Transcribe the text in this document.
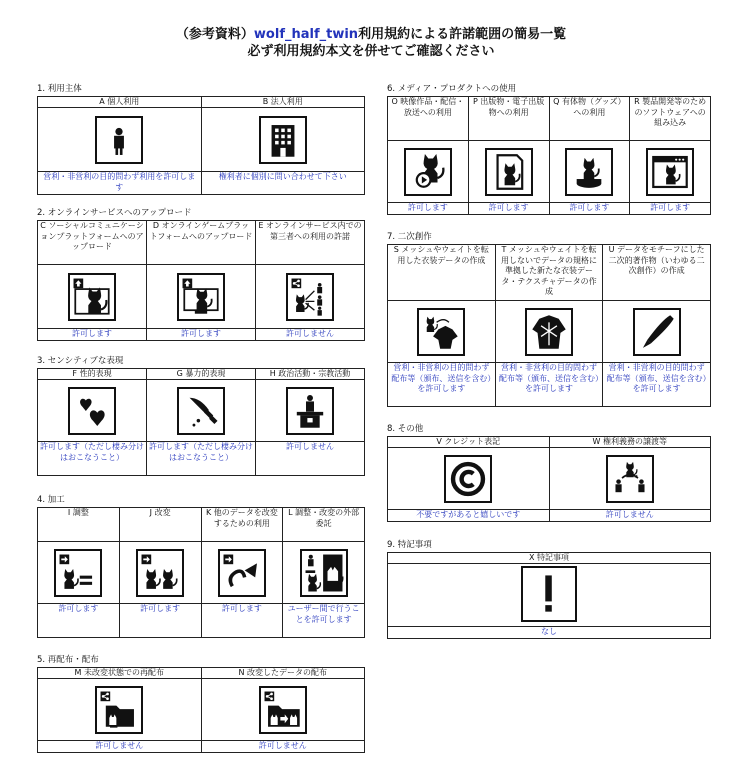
（参考資料）wolf_half_twin利用規約による許諾範囲の簡易一覧
必ず利用規約本文を併せてご確認ください
1. 利用主体
A 個人利用	B 法人利用

営利・非営利の目的問わず利用を許可します	権利者に個別に問い合わせて下さい
2. オンラインサービスへのアップロード
C ソーシャルコミュニケーションプラットフォームへのアップロード	D オンラインゲームプラットフォームへのアップロード	E オンラインサービス内での第三者への利用の許諾

許可します	許可します	許可しません
3. センシティブな表現
F 性的表現	G 暴力的表現	H 政治活動・宗教活動

許可します（ただし棲み分けはおこなうこと）	許可します（ただし棲み分けはおこなうこと）	許可しません
4. 加工
I 調整	J 改変	K 他のデータを改変するための利用	L 調整・改変の外部委託

許可します	許可します	許可します	ユーザー間で行うことを許可します
5. 再配布・配布
M 未改変状態での再配布	N 改変したデータの配布

許可しません	許可しません
6. メディア・プロダクトへの使用
O 映像作品・配信・放送への利用	P 出版物・電子出版物への利用	Q 有体物（グッズ）への利用	R 製品開発等のためのソフトウェアへの組み込み

許可します	許可します	許可します	許可します
7. 二次創作
S メッシュやウェイトを転用した衣装データの作成	T メッシュやウェイトを転用しないでデータの規格に準拠した新たな衣装データ・テクスチャデータの作成	U データをモチーフにした二次的著作物（いわゆる二次創作）の作成

営利・非営利の目的問わず配布等（頒布、送信を含む）を許可します	営利・非営利の目的問わず配布等（頒布、送信を含む）を許可します	営利・非営利の目的問わず配布等（頒布、送信を含む）を許可します
8. その他
V クレジット表記	W 権利義務の譲渡等

不要ですがあると嬉しいです	許可しません
9. 特記事項
X 特記事項

なし
